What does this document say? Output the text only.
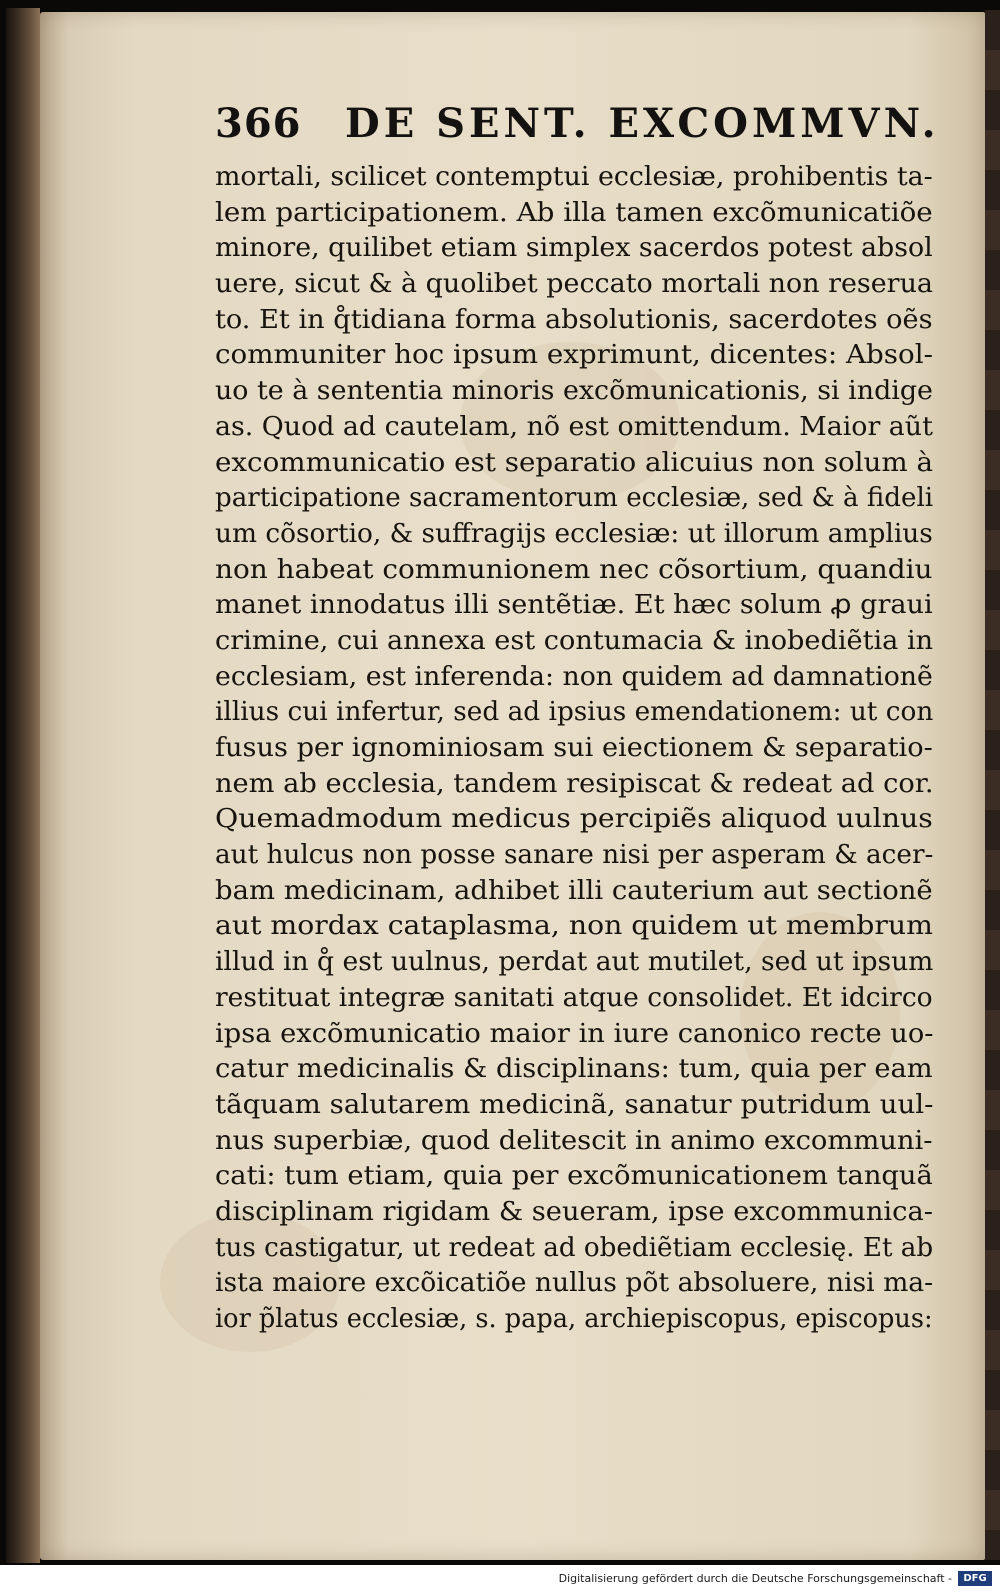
366 DE SENT. EXCOMMVN.
mortali, scilicet contemptui ecclesiæ, prohibentis ta-
lem participationem. Ab illa tamen excõmunicatiõe
minore, quilibet etiam simplex sacerdos potest absol
uere, sicut & à quolibet peccato mortali non reserua
to. Et in q̊tidiana forma absolutionis, sacerdotes oẽs
communiter hoc ipsum exprimunt, dicentes: Absol-
uo te à sententia minoris excõmunicationis, si indige
as. Quod ad cautelam, nõ est omittendum. Maior aũt
excommunicatio est separatio alicuius non solum à
participatione sacramentorum ecclesiæ, sed & à fideli
um cõsortio, & suffragijs ecclesiæ: ut illorum amplius
non habeat communionem nec cõsortium, quandiu
manet innodatus illi sentẽtiæ. Et hæc solum ꝓ graui
crimine, cui annexa est contumacia & inobediẽtia in
ecclesiam, est inferenda: non quidem ad damnationẽ
illius cui infertur, sed ad ipsius emendationem: ut con
fusus per ignominiosam sui eiectionem & separatio-
nem ab ecclesia, tandem resipiscat & redeat ad cor.
Quemadmodum medicus percipiẽs aliquod uulnus
aut hulcus non posse sanare nisi per asperam & acer-
bam medicinam, adhibet illi cauterium aut sectionẽ
aut mordax cataplasma, non quidem ut membrum
illud in q̊ est uulnus, perdat aut mutilet, sed ut ipsum
restituat integræ sanitati atque consolidet. Et idcirco
ipsa excõmunicatio maior in iure canonico recte uo-
catur medicinalis & disciplinans: tum, quia per eam
tãquam salutarem medicinã, sanatur putridum uul-
nus superbiæ, quod delitescit in animo excommuni-
cati: tum etiam, quia per excõmunicationem tanquã
disciplinam rigidam & seueram, ipse excommunica-
tus castigatur, ut redeat ad obediẽtiam ecclesię. Et ab
ista maiore excõicatiõe nullus põt absoluere, nisi ma-
ior p̃latus ecclesiæ, s. papa, archiepiscopus, episcopus:
Digitalisierung gefördert durch die Deutsche Forschungsgemeinschaft -	DFG
